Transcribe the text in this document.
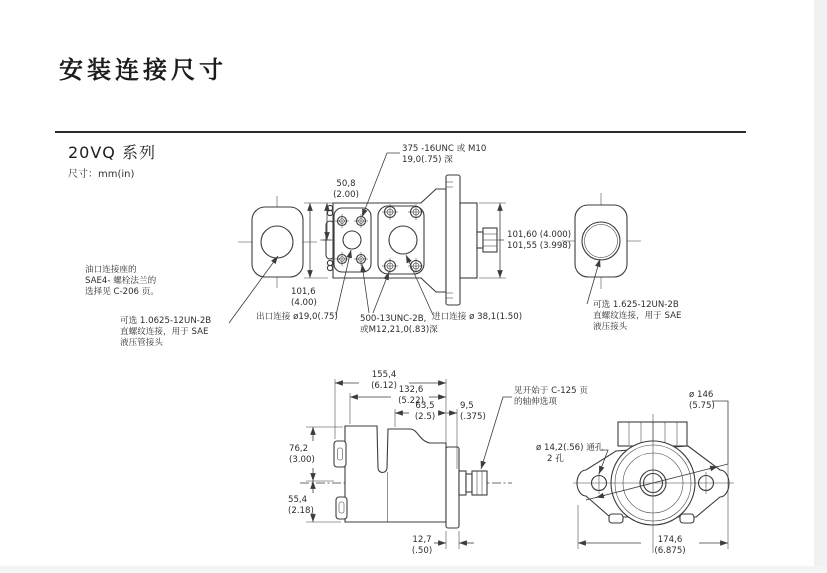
安装连接尺寸
20VQ 系列
尺寸：mm(in)
375 -16UNC 或 M10
19,0(.75) 深
50,8
(2.00)
101,60 (4.000)
101,55 (3.998)
101,6
(4.00)
油口连接座的
SAE4- 螺栓法兰的
选择见 C-206 页。
可选 1.0625-12UN-2B
直螺纹连接，用于 SAE
液压管接头
出口连接 ø19,0(.75)	500-13UNC-2B,
或M12,21,0(.83)深
进口连接 ø 38,1(1.50)
可选 1.625-12UN-2B
直螺纹连接，用于 SAE
液压接头
155,4
(6.12) 132,6
(5.22)
63,5
(2.5)
9,5
(.375)
76,2
(3.00)
55,4
(2.18)
12,7
(.50)
见开始于 C-125 页
的轴伸选项
ø 146
(5.75)
ø 14,2(.56) 通孔
2 孔
174,6
(6.875)
